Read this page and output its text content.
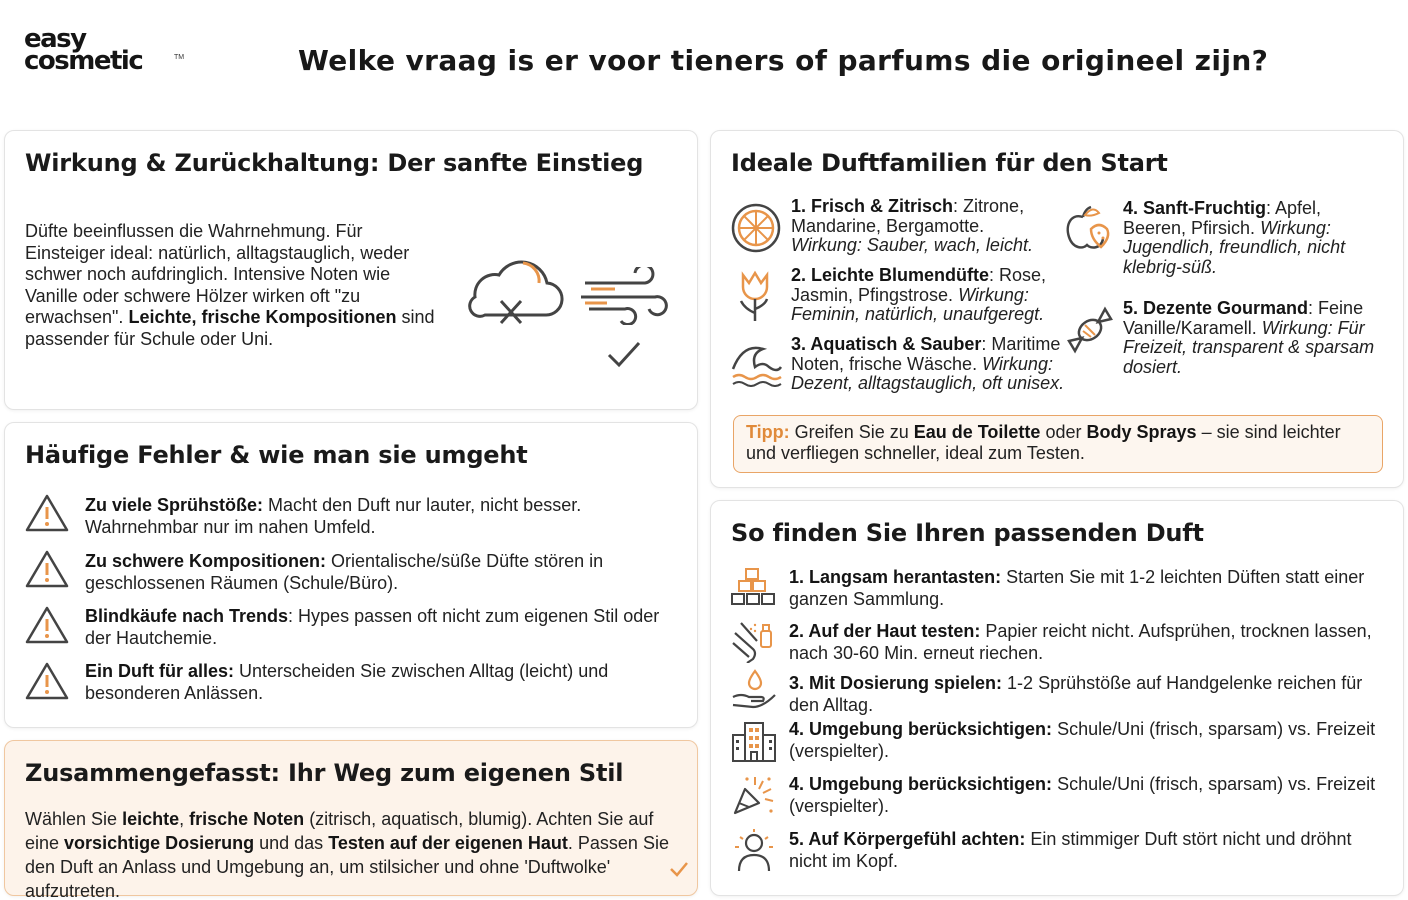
easy
cosmetic	TM	Welke vraag is er voor tieners of parfums die origineel zijn?
Wirkung & Zurückhaltung: Der sanfte Einstieg
Düfte beeinflussen die Wahrnehmung. Für Einsteiger ideal: natürlich, alltagstauglich, weder schwer noch aufdringlich. Intensive Noten wie Vanille oder schwere Hölzer wirken oft "zu erwachsen". Leichte, frische Kompositionen sind passender für Schule oder Uni.
Häufige Fehler & wie man sie umgeht
Zu viele Sprühstöße: Macht den Duft nur lauter, nicht besser. Wahrnehmbar nur im nahen Umfeld.
Zu schwere Kompositionen: Orientalische/süße Düfte stören in geschlossenen Räumen (Schule/Büro).
Blindkäufe nach Trends: Hypes passen oft nicht zum eigenen Stil oder der Hautchemie.
Ein Duft für alles: Unterscheiden Sie zwischen Alltag (leicht) und besonderen Anlässen.
Zusammengefasst: Ihr Weg zum eigenen Stil
Wählen Sie leichte, frische Noten (zitrisch, aquatisch, blumig). Achten Sie auf eine vorsichtige Dosierung und das Testen auf der eigenen Haut. Passen Sie den Duft an Anlass und Umgebung an, um stilsicher und ohne 'Duftwolke' aufzutreten.
Ideale Duftfamilien für den Start
1. Frisch & Zitrisch: Zitrone, Mandarine, Bergamotte. Wirkung: Sauber, wach, leicht.
2. Leichte Blumendüfte: Rose, Jasmin, Pfingstrose. Wirkung: Feminin, natürlich, unaufgeregt.
3. Aquatisch & Sauber: Maritime Noten, frische Wäsche. Wirkung: Dezent, alltagstauglich, oft unisex.
4. Sanft-Fruchtig: Apfel, Beeren, Pfirsich. Wirkung: Jugendlich, freundlich, nicht klebrig-süß.
5. Dezente Gourmand: Feine Vanille/Karamell. Wirkung: Für Freizeit, transparent & sparsam dosiert.
Tipp: Greifen Sie zu Eau de Toilette oder Body Sprays – sie sind leichter und verfliegen schneller, ideal zum Testen.
So finden Sie Ihren passenden Duft
1. Langsam herantasten: Starten Sie mit 1-2 leichten Düften statt einer ganzen Sammlung.
2. Auf der Haut testen: Papier reicht nicht. Aufsprühen, trocknen lassen, nach 30-60 Min. erneut riechen.
3. Mit Dosierung spielen: 1-2 Sprühstöße auf Handgelenke reichen für den Alltag.
4. Umgebung berücksichtigen: Schule/Uni (frisch, sparsam) vs. Freizeit (verspielter).
4. Umgebung berücksichtigen: Schule/Uni (frisch, sparsam) vs. Freizeit (verspielter).
5. Auf Körpergefühl achten: Ein stimmiger Duft stört nicht und dröhnt nicht im Kopf.
